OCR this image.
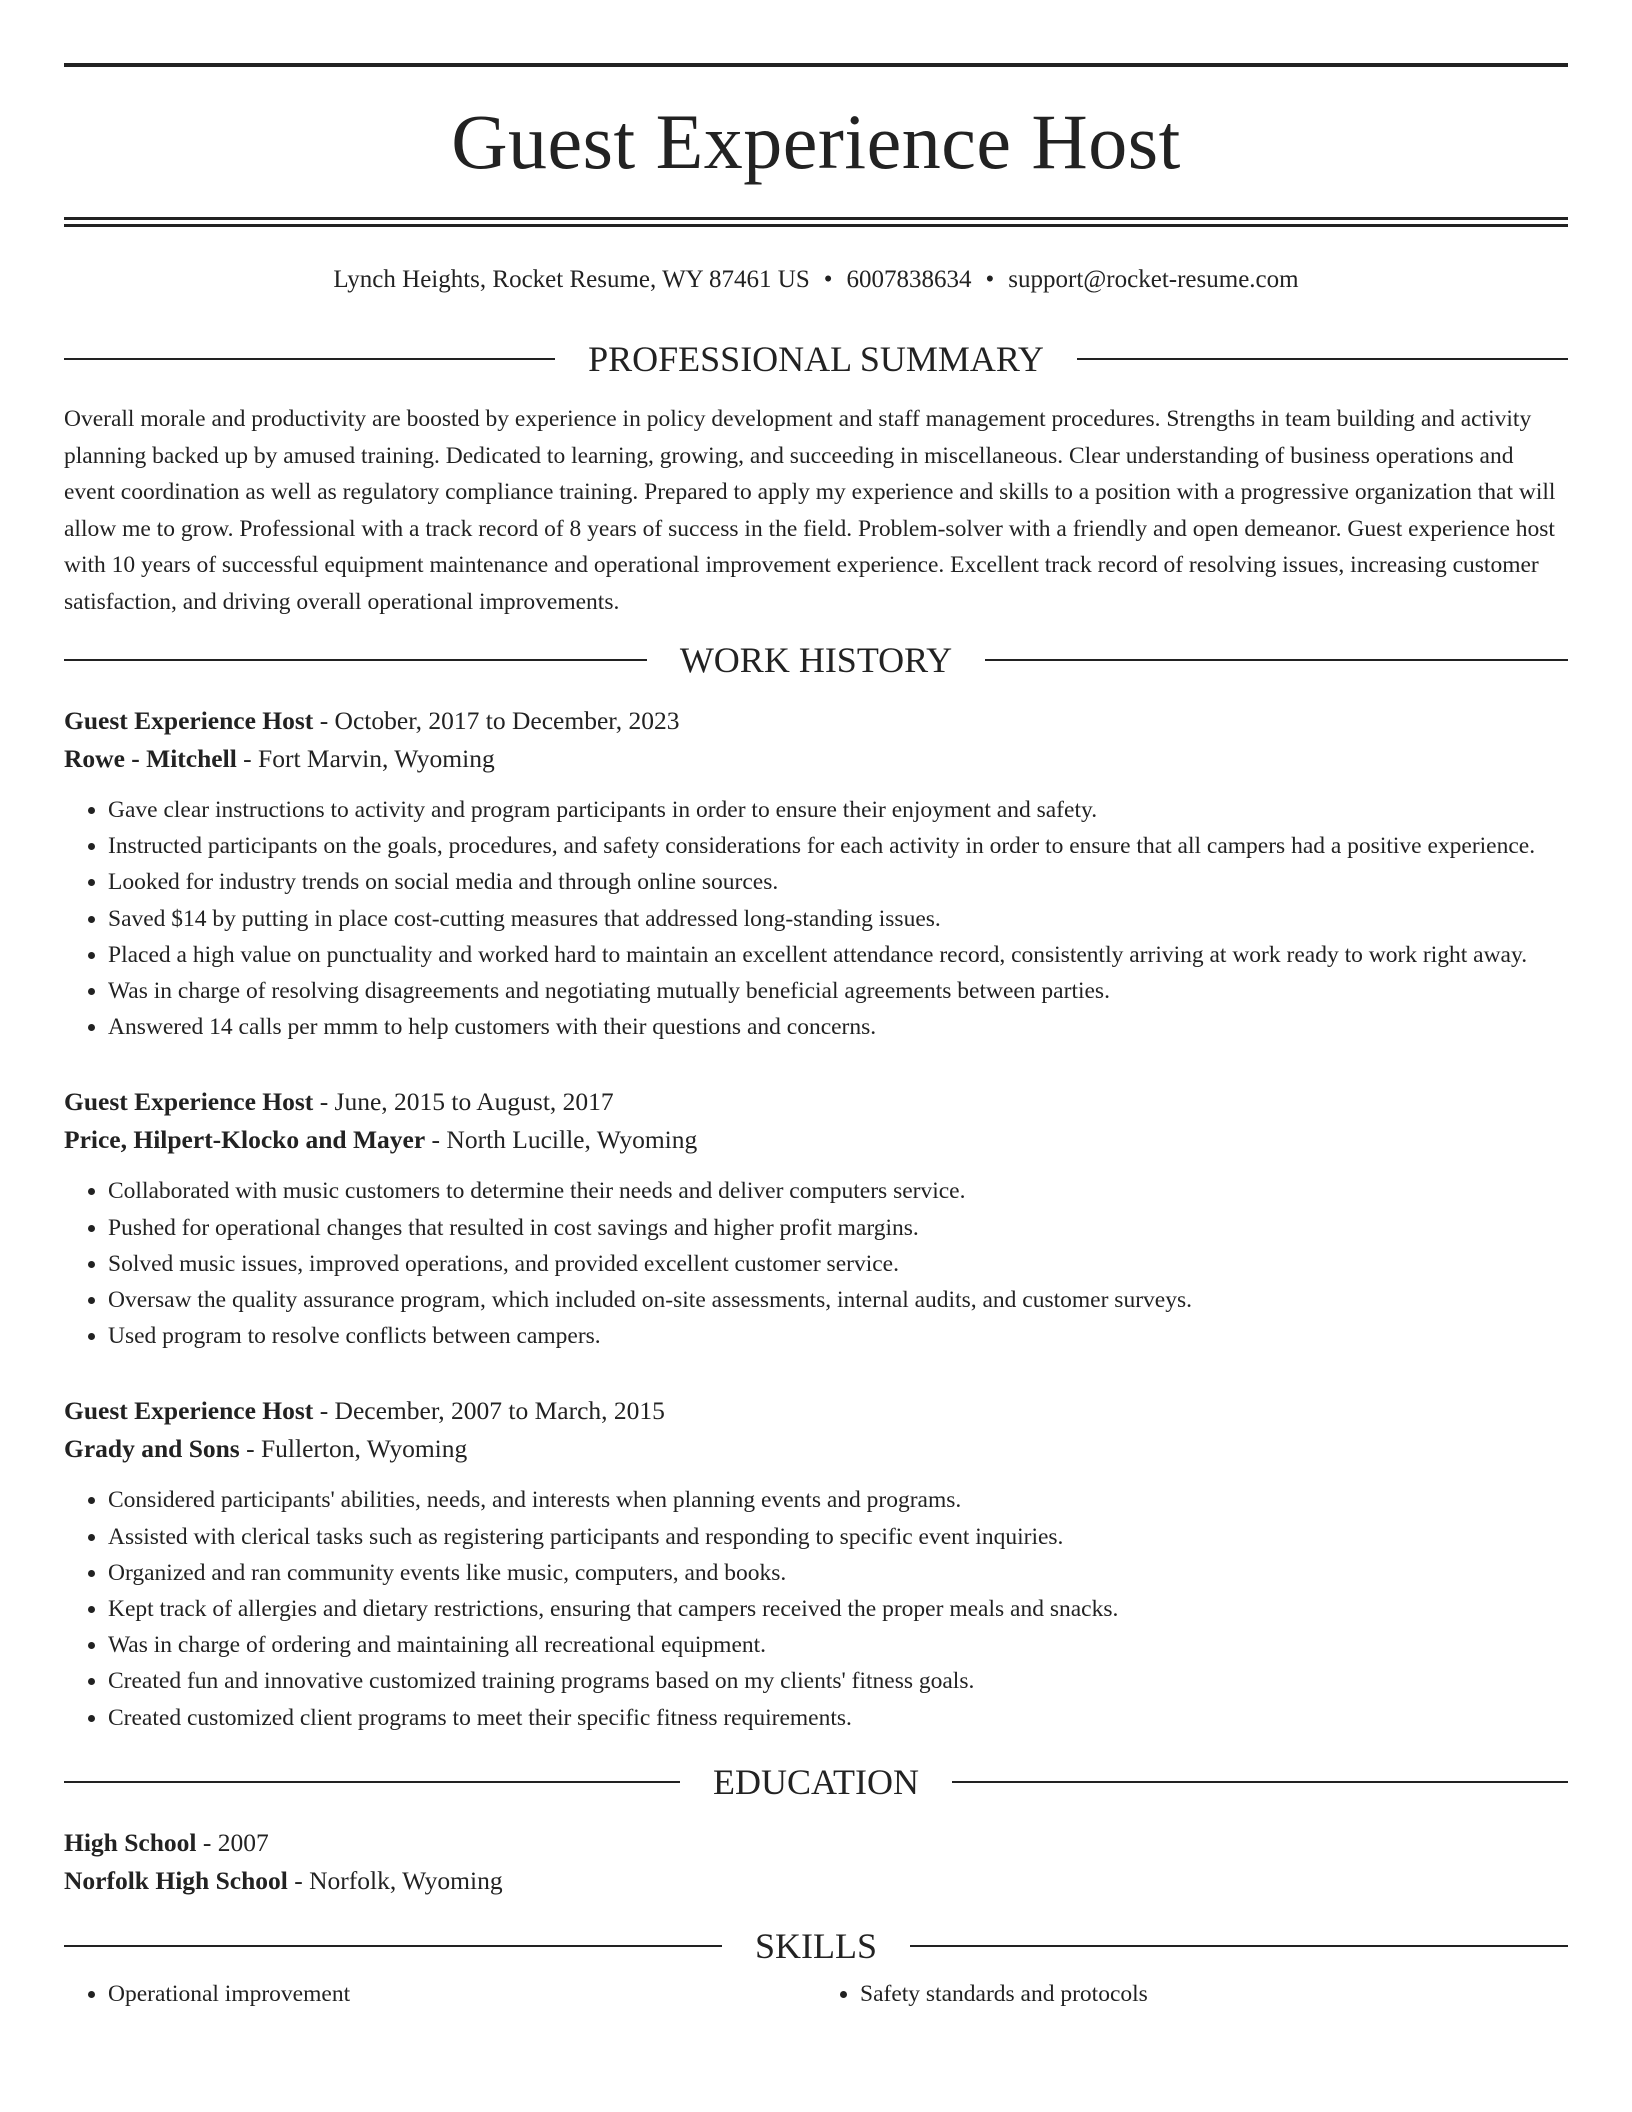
Guest Experience Host
Lynch Heights, Rocket Resume, WY 87461 US • 6007838634 • support@rocket-resume.com
PROFESSIONAL SUMMARY

Overall morale and productivity are boosted by experience in policy development and staff management procedures. Strengths in team building and activity planning backed up by amused training. Dedicated to learning, growing, and succeeding in miscellaneous. Clear understanding of business operations and event coordination as well as regulatory compliance training. Prepared to apply my experience and skills to a position with a progressive organization that will allow me to grow. Professional with a track record of 8 years of success in the field. Problem-solver with a friendly and open demeanor. Guest experience host with 10 years of successful equipment maintenance and operational improvement experience. Excellent track record of resolving issues, increasing customer satisfaction, and driving overall operational improvements.

WORK HISTORY
Guest Experience Host - October, 2017 to December, 2023
Rowe - Mitchell - Fort Marvin, Wyoming
• Gave clear instructions to activity and program participants in order to ensure their enjoyment and safety.
• Instructed participants on the goals, procedures, and safety considerations for each activity in order to ensure that all campers had a positive experience.
• Looked for industry trends on social media and through online sources.
• Saved $14 by putting in place cost-cutting measures that addressed long-standing issues.
• Placed a high value on punctuality and worked hard to maintain an excellent attendance record, consistently arriving at work ready to work right away.
• Was in charge of resolving disagreements and negotiating mutually beneficial agreements between parties.
• Answered 14 calls per mmm to help customers with their questions and concerns.
Guest Experience Host - June, 2015 to August, 2017
Price, Hilpert-Klocko and Mayer - North Lucille, Wyoming
• Collaborated with music customers to determine their needs and deliver computers service.
• Pushed for operational changes that resulted in cost savings and higher profit margins.
• Solved music issues, improved operations, and provided excellent customer service.
• Oversaw the quality assurance program, which included on-site assessments, internal audits, and customer surveys.
• Used program to resolve conflicts between campers.
Guest Experience Host - December, 2007 to March, 2015
Grady and Sons - Fullerton, Wyoming
• Considered participants' abilities, needs, and interests when planning events and programs.
• Assisted with clerical tasks such as registering participants and responding to specific event inquiries.
• Organized and ran community events like music, computers, and books.
• Kept track of allergies and dietary restrictions, ensuring that campers received the proper meals and snacks.
• Was in charge of ordering and maintaining all recreational equipment.
• Created fun and innovative customized training programs based on my clients' fitness goals.
• Created customized client programs to meet their specific fitness requirements.
EDUCATION
High School - 2007
Norfolk High School - Norfolk, Wyoming
SKILLS
• Operational improvement
•	Safety standards and protocols
